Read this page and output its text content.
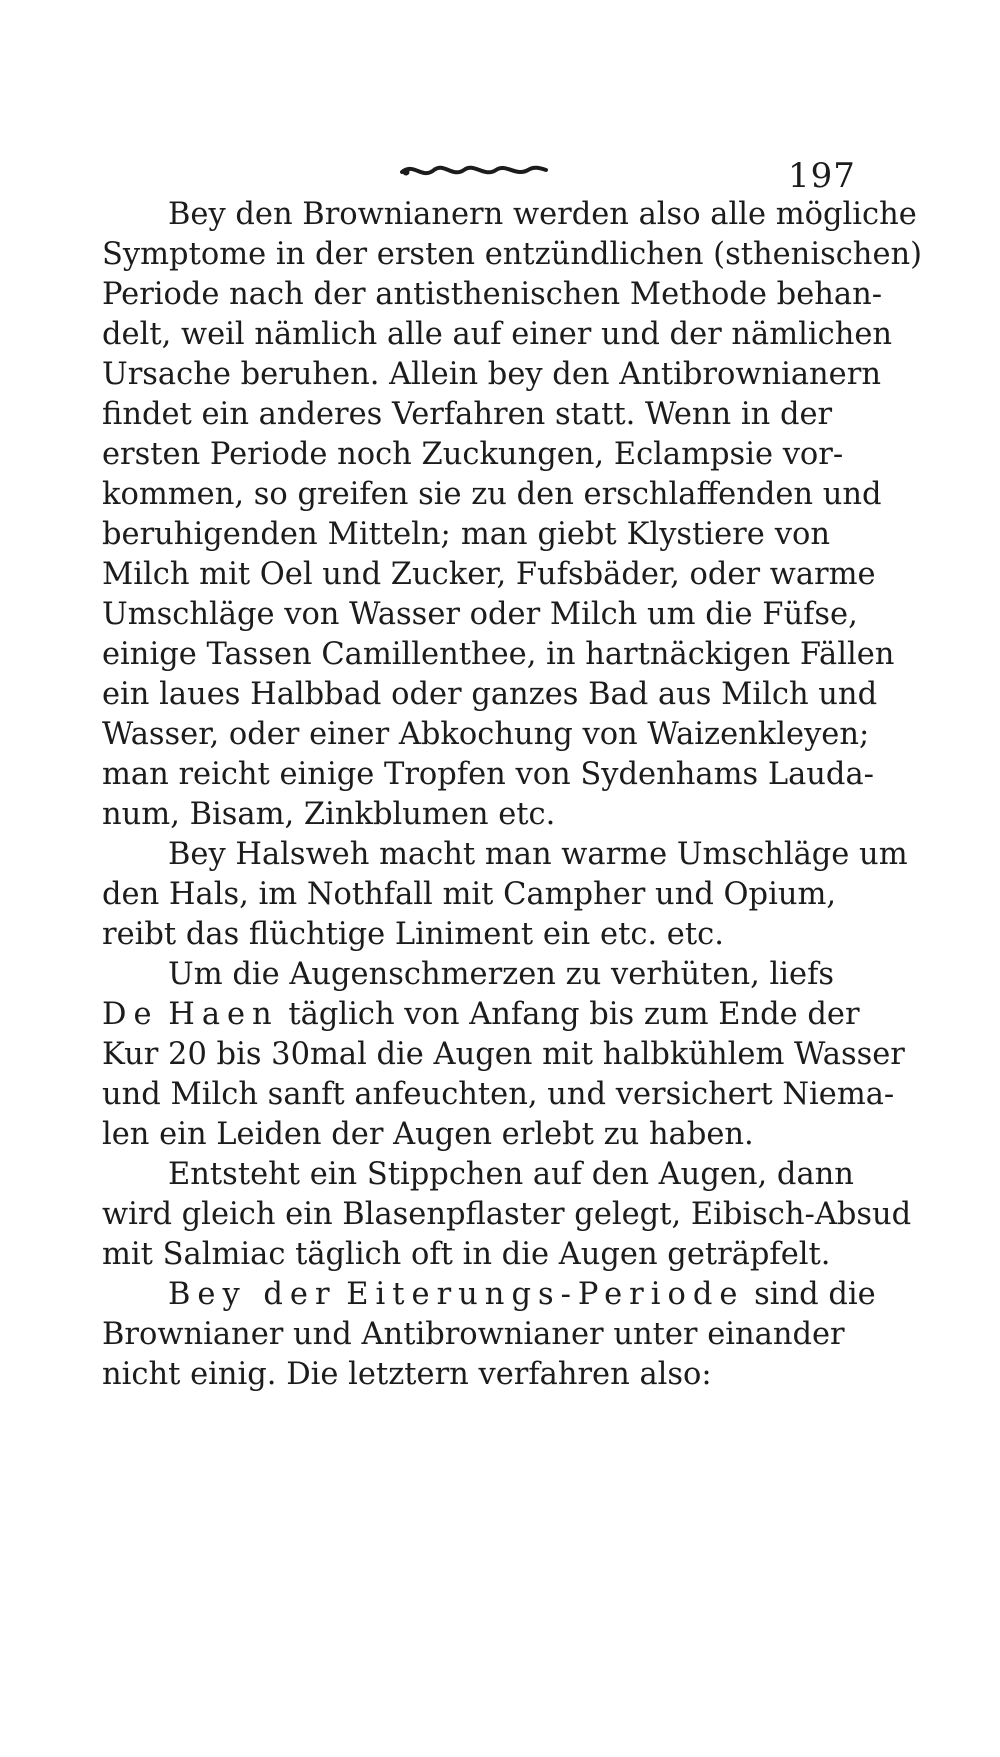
197
Bey den Brownianern werden also alle mögliche
Symptome in der ersten entzündlichen (sthenischen)
Periode nach der antisthenischen Methode behan-
delt, weil nämlich alle auf einer und der nämlichen
Ursache beruhen. Allein bey den Antibrownianern
findet ein anderes Verfahren statt. Wenn in der
ersten Periode noch Zuckungen, Eclampsie vor-
kommen, so greifen sie zu den erschlaffenden und
beruhigenden Mitteln; man giebt Klystiere von
Milch mit Oel und Zucker, Fufsbäder, oder warme
Umschläge von Wasser oder Milch um die Füfse,
einige Tassen Camillenthee, in hartnäckigen Fällen
ein laues Halbbad oder ganzes Bad aus Milch und
Wasser, oder einer Abkochung von Waizenkleyen;
man reicht einige Tropfen von Sydenhams Lauda-
num, Bisam, Zinkblumen etc.
Bey Halsweh macht man warme Umschläge um
den Hals, im Nothfall mit Campher und Opium,
reibt das flüchtige Liniment ein etc. etc.
Um die Augenschmerzen zu verhüten, liefs
De Haen täglich von Anfang bis zum Ende der
Kur 20 bis 30mal die Augen mit halbkühlem Wasser
und Milch sanft anfeuchten, und versichert Niema-
len ein Leiden der Augen erlebt zu haben.
Entsteht ein Stippchen auf den Augen, dann
wird gleich ein Blasenpflaster gelegt, Eibisch-Absud
mit Salmiac täglich oft in die Augen geträpfelt.
Bey der Eiterungs-Periode sind die
Brownianer und Antibrownianer unter einander
nicht einig. Die letztern verfahren also:
